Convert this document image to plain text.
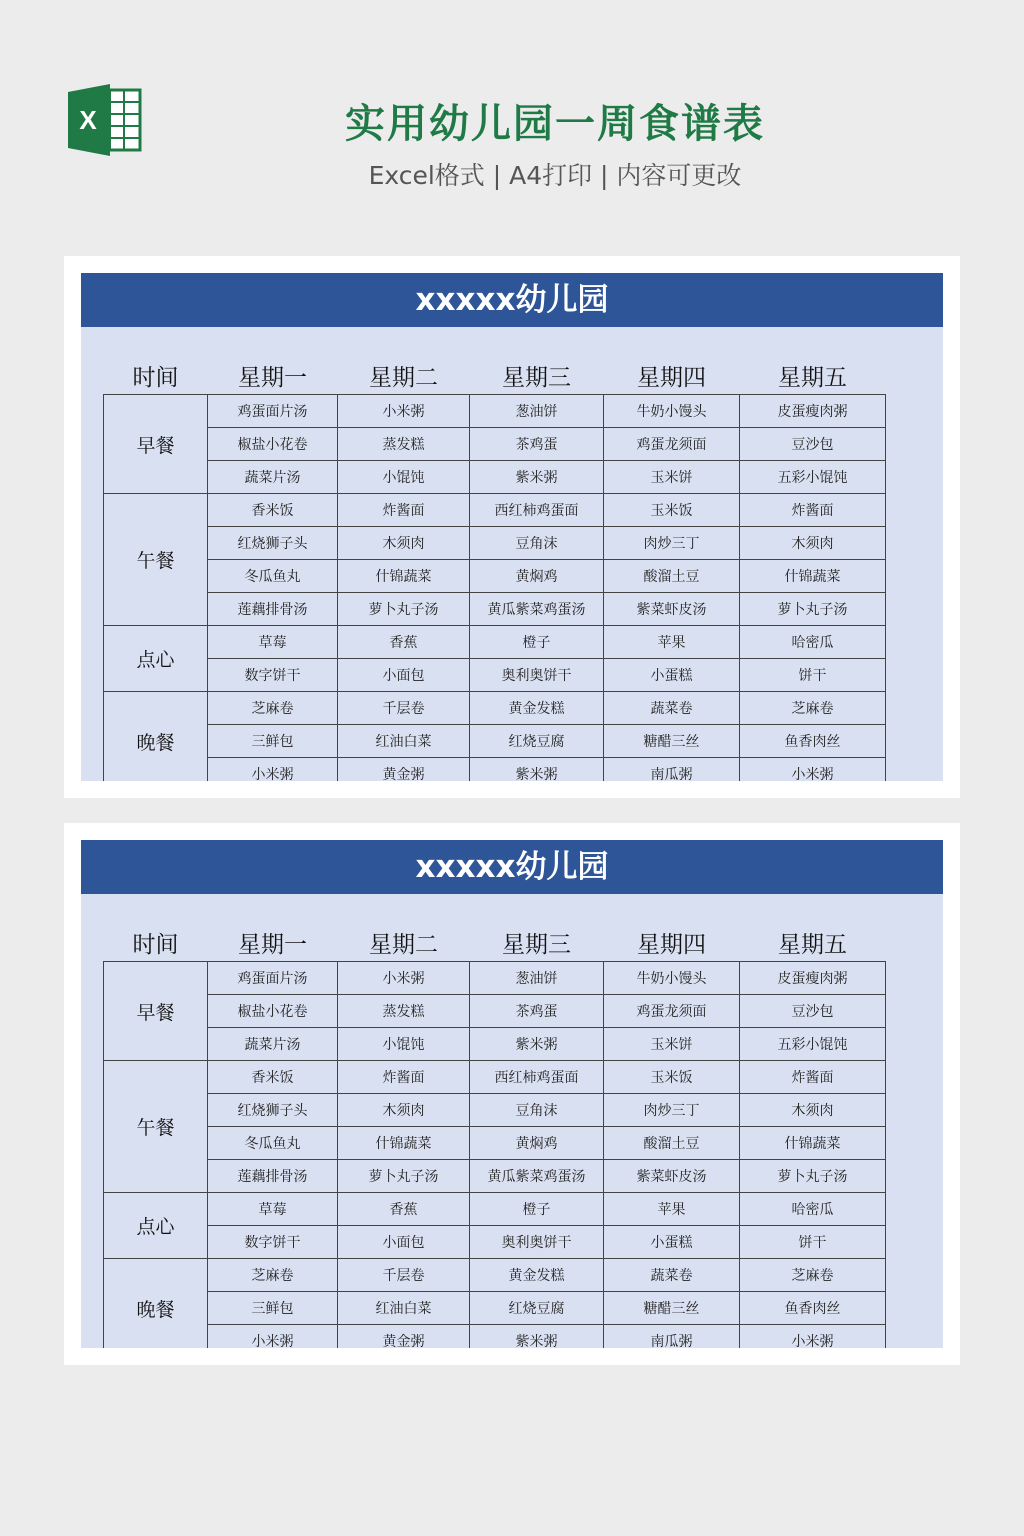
X	实用幼儿园一周食谱表
Excel格式 | A4打印 | 内容可更改
xxxxx幼儿园
时间	星期一	星期二	星期三	星期四	星期五
早餐	鸡蛋面片汤	小米粥	葱油饼	牛奶小馒头	皮蛋瘦肉粥
	椒盐小花卷	蒸发糕	茶鸡蛋	鸡蛋龙须面	豆沙包
	蔬菜片汤	小馄饨	紫米粥	玉米饼	五彩小馄饨
午餐	香米饭	炸酱面	西红柿鸡蛋面	玉米饭	炸酱面
	红烧狮子头	木须肉	豆角沫	肉炒三丁	木须肉
	冬瓜鱼丸	什锦蔬菜	黄焖鸡	酸溜土豆	什锦蔬菜
	莲藕排骨汤	萝卜丸子汤	黄瓜紫菜鸡蛋汤	紫菜虾皮汤	萝卜丸子汤
点心	草莓	香蕉	橙子	苹果	哈密瓜
	数字饼干	小面包	奥利奥饼干	小蛋糕	饼干
晚餐	芝麻卷	千层卷	黄金发糕	蔬菜卷	芝麻卷
	三鲜包	红油白菜	红烧豆腐	糖醋三丝	鱼香肉丝
	小米粥	黄金粥	紫米粥	南瓜粥	小米粥
xxxxx幼儿园
时间	星期一	星期二	星期三	星期四	星期五
早餐	鸡蛋面片汤	小米粥	葱油饼	牛奶小馒头	皮蛋瘦肉粥
	椒盐小花卷	蒸发糕	茶鸡蛋	鸡蛋龙须面	豆沙包
	蔬菜片汤	小馄饨	紫米粥	玉米饼	五彩小馄饨
午餐	香米饭	炸酱面	西红柿鸡蛋面	玉米饭	炸酱面
	红烧狮子头	木须肉	豆角沫	肉炒三丁	木须肉
	冬瓜鱼丸	什锦蔬菜	黄焖鸡	酸溜土豆	什锦蔬菜
	莲藕排骨汤	萝卜丸子汤	黄瓜紫菜鸡蛋汤	紫菜虾皮汤	萝卜丸子汤
点心	草莓	香蕉	橙子	苹果	哈密瓜
	数字饼干	小面包	奥利奥饼干	小蛋糕	饼干
晚餐	芝麻卷	千层卷	黄金发糕	蔬菜卷	芝麻卷
	三鲜包	红油白菜	红烧豆腐	糖醋三丝	鱼香肉丝
	小米粥	黄金粥	紫米粥	南瓜粥	小米粥
